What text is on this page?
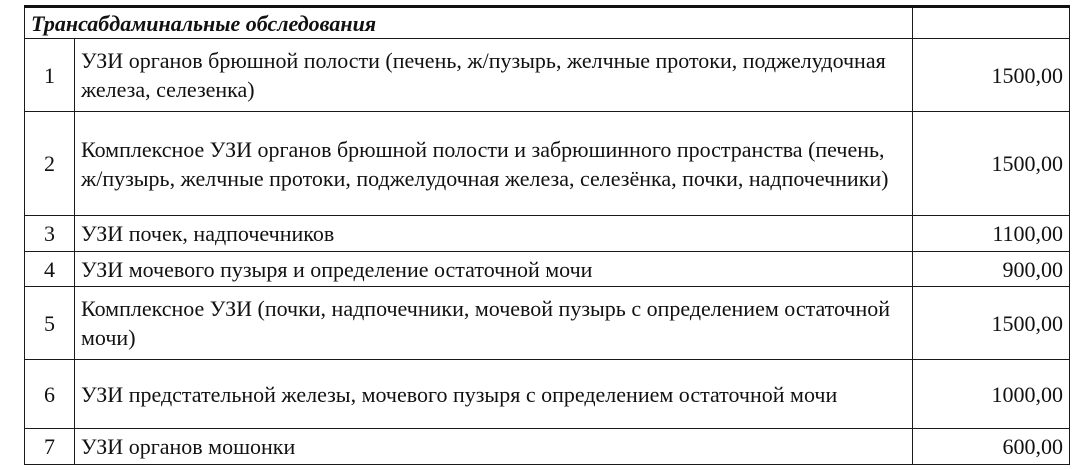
Трансабдаминальные обследования		
1	УЗИ органов брюшной полости (печень, ж/пузырь, желчные протоки, поджелудочная железа, селезенка)	1500,00
2	Комплексное УЗИ органов брюшной полости и забрюшинного пространства (печень, ж/пузырь, желчные протоки, поджелудочная железа, селезёнка, почки, надпочечники)	1500,00
3	УЗИ почек, надпочечников	1100,00
4	УЗИ мочевого пузыря и определение остаточной мочи	900,00
5	Комплексное УЗИ (почки, надпочечники, мочевой пузырь с определением остаточной мочи)	1500,00
6	УЗИ предстательной железы, мочевого пузыря с определением остаточной мочи	1000,00
7	УЗИ органов мошонки	600,00
